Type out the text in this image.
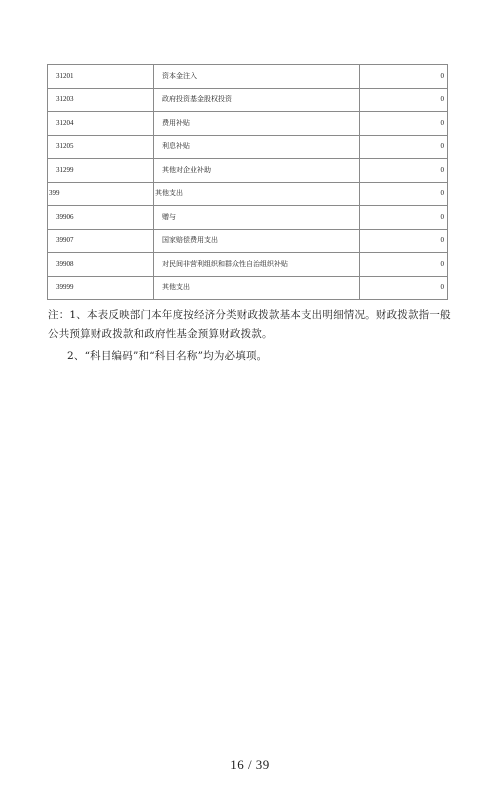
31201	资本金注入	0
31203	政府投资基金股权投资	0
31204	费用补贴	0
31205	利息补贴	0
31299	其他对企业补助	0
399	其他支出	0
39906	赠与	0
39907	国家赔偿费用支出	0
39908	对民间非营利组织和群众性自治组织补贴	0
39999	其他支出	0

注：1、本表反映部门本年度按经济分类财政拨款基本支出明细情况。财政拨款指一般公共预算财政拨款和政府性基金预算财政拨款。

2、“科目编码”和“科目名称”均为必填项。

16 / 39
